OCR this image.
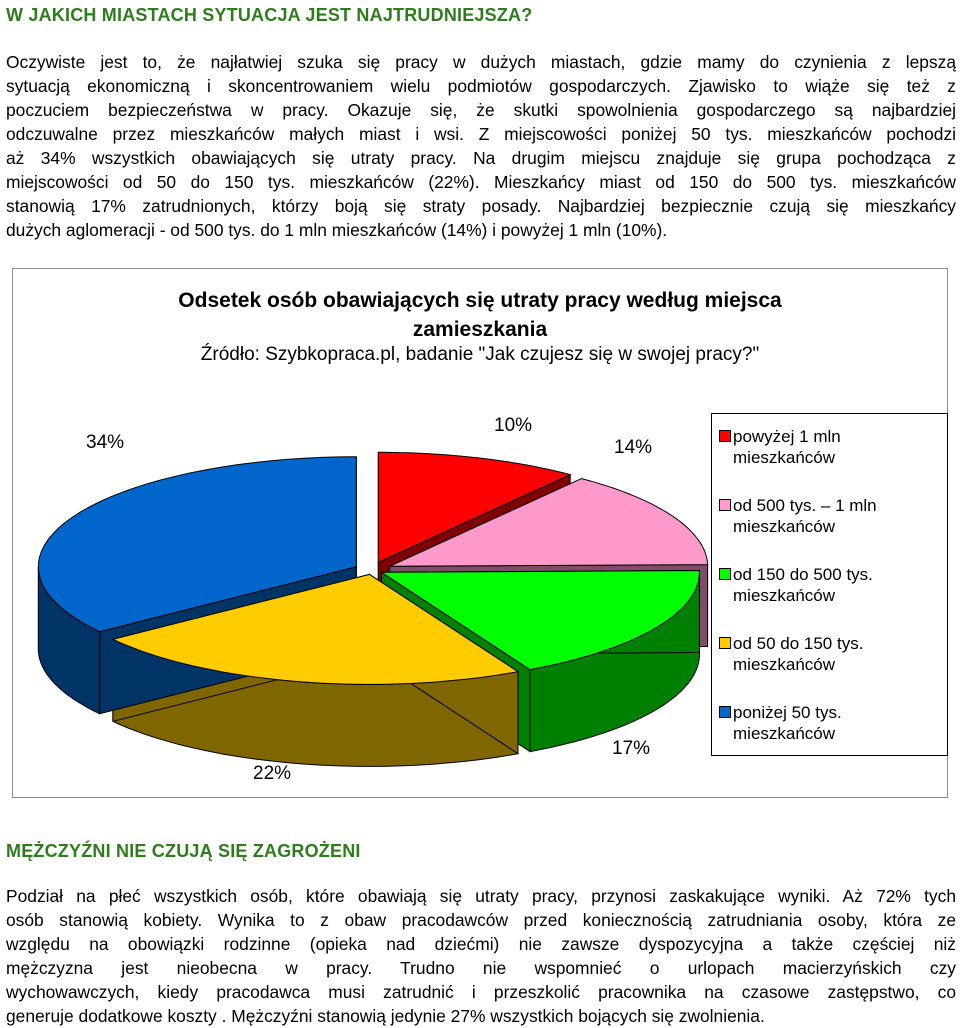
W JAKICH MIASTACH SYTUACJA JEST NAJTRUDNIEJSZA?
Oczywiste jest to, że najłatwiej szuka się pracy w dużych miastach, gdzie mamy do czynienia z lepszą
sytuacją ekonomiczną i skoncentrowaniem wielu podmiotów gospodarczych. Zjawisko to wiąże się też z
poczuciem bezpieczeństwa w pracy. Okazuje się, że skutki spowolnienia gospodarczego są najbardziej
odczuwalne przez mieszkańców małych miast i wsi. Z miejscowości poniżej 50 tys. mieszkańców pochodzi
aż 34% wszystkich obawiających się utraty pracy. Na drugim miejscu znajduje się grupa pochodząca z
miejscowości od 50 do 150 tys. mieszkańców (22%). Mieszkańcy miast od 150 do 500 tys. mieszkańców
stanowią 17% zatrudnionych, którzy boją się straty posady. Najbardziej bezpiecznie czują się mieszkańcy
dużych aglomeracji - od 500 tys. do 1 mln mieszkańców (14%) i powyżej 1 mln (10%).
Odsetek osób obawiających się utraty pracy według miejsca
zamieszkania
Źródło: Szybkopraca.pl, badanie "Jak czujesz się w swojej pracy?"
34%
10%
14%
17%
22%
powyżej 1 mln
mieszkańców
od 500 tys. – 1 mln
mieszkańców
od 150 do 500 tys.
mieszkańców
od 50 do 150 tys.
mieszkańców
poniżej 50 tys.
mieszkańców
MĘŻCZYŹNI NIE CZUJĄ SIĘ ZAGROŻENI
Podział na płeć wszystkich osób, które obawiają się utraty pracy, przynosi zaskakujące wyniki. Aż 72% tych
osób stanowią kobiety. Wynika to z obaw pracodawców przed koniecznością zatrudniania osoby, która ze
względu na obowiązki rodzinne (opieka nad dziećmi) nie zawsze dyspozycyjna a także częściej niż
mężczyzna jest nieobecna w pracy. Trudno nie wspomnieć o urlopach macierzyńskich czy
wychowawczych, kiedy pracodawca musi zatrudnić i przeszkolić pracownika na czasowe zastępstwo, co
generuje dodatkowe koszty . Mężczyźni stanowią jedynie 27% wszystkich bojących się zwolnienia.
